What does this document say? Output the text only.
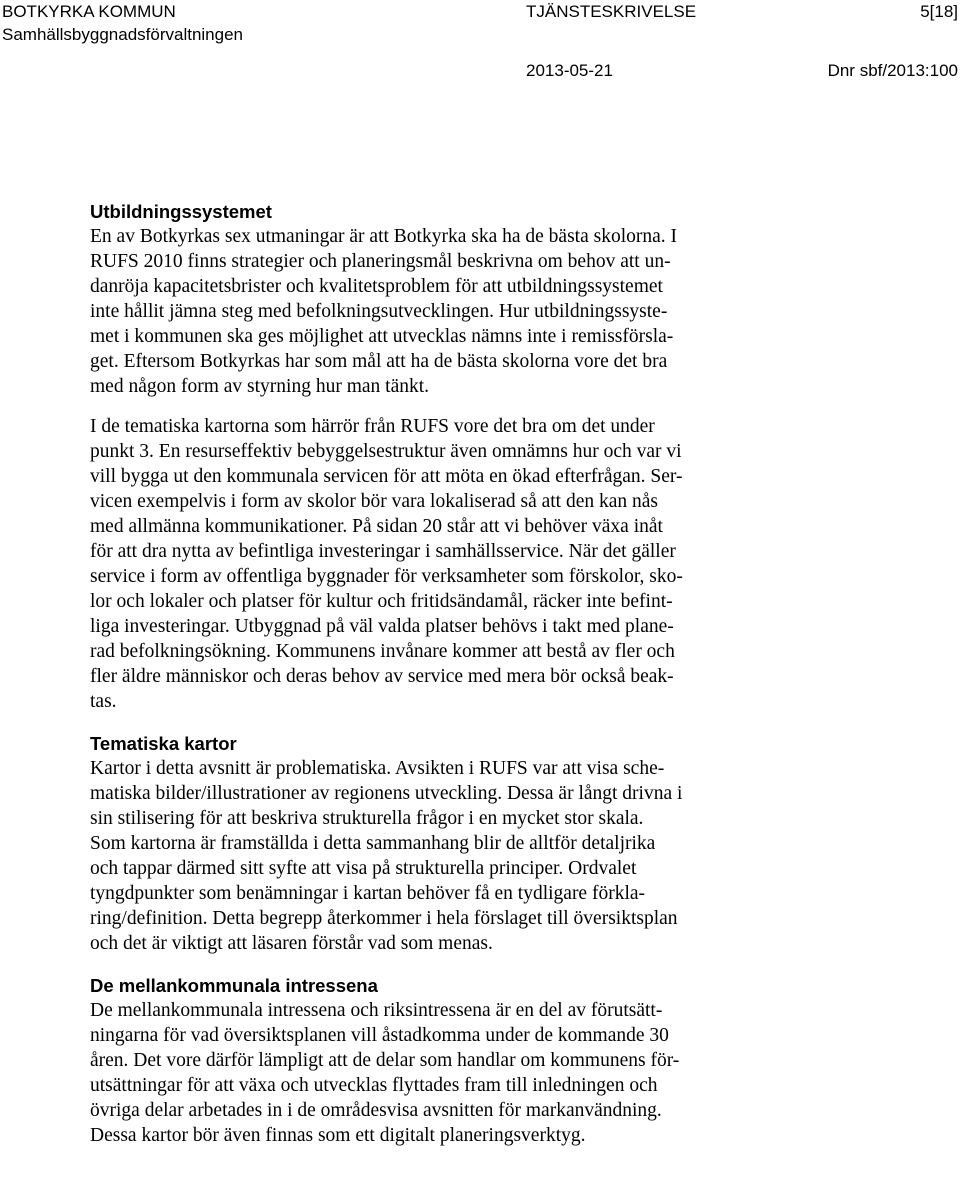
BOTKYRKA KOMMUN
Samhällsbyggnadsförvaltningen
TJÄNSTESKRIVELSE	5[18]
2013-05-21	Dnr sbf/2013:100
Utbildningssystemet

En av Botkyrkas sex utmaningar är att Botkyrka ska ha de bästa skolorna. I
RUFS 2010 finns strategier och planeringsmål beskrivna om behov att un-
danröja kapacitetsbrister och kvalitetsproblem för att utbildningssystemet
inte hållit jämna steg med befolkningsutvecklingen. Hur utbildningssyste-
met i kommunen ska ges möjlighet att utvecklas nämns inte i remissförsla-
get. Eftersom Botkyrkas har som mål att ha de bästa skolorna vore det bra
med någon form av styrning hur man tänkt.

I de tematiska kartorna som härrör från RUFS vore det bra om det under
punkt 3. En resurseffektiv bebyggelsestruktur även omnämns hur och var vi
vill bygga ut den kommunala servicen för att möta en ökad efterfrågan. Ser-
vicen exempelvis i form av skolor bör vara lokaliserad så att den kan nås
med allmänna kommunikationer. På sidan 20 står att vi behöver växa inåt
för att dra nytta av befintliga investeringar i samhällsservice. När det gäller
service i form av offentliga byggnader för verksamheter som förskolor, sko-
lor och lokaler och platser för kultur och fritidsändamål, räcker inte befint-
liga investeringar. Utbyggnad på väl valda platser behövs i takt med plane-
rad befolkningsökning. Kommunens invånare kommer att bestå av fler och
fler äldre människor och deras behov av service med mera bör också beak-
tas.

Tematiska kartor

Kartor i detta avsnitt är problematiska. Avsikten i RUFS var att visa sche-
matiska bilder/illustrationer av regionens utveckling. Dessa är långt drivna i
sin stilisering för att beskriva strukturella frågor i en mycket stor skala.
Som kartorna är framställda i detta sammanhang blir de alltför detaljrika
och tappar därmed sitt syfte att visa på strukturella principer. Ordvalet
tyngdpunkter som benämningar i kartan behöver få en tydligare förkla-
ring/definition. Detta begrepp återkommer i hela förslaget till översiktsplan
och det är viktigt att läsaren förstår vad som menas.

De mellankommunala intressena

De mellankommunala intressena och riksintressena är en del av förutsätt-
ningarna för vad översiktsplanen vill åstadkomma under de kommande 30
åren. Det vore därför lämpligt att de delar som handlar om kommunens för-
utsättningar för att växa och utvecklas flyttades fram till inledningen och
övriga delar arbetades in i de områdesvisa avsnitten för markanvändning.
Dessa kartor bör även finnas som ett digitalt planeringsverktyg.
